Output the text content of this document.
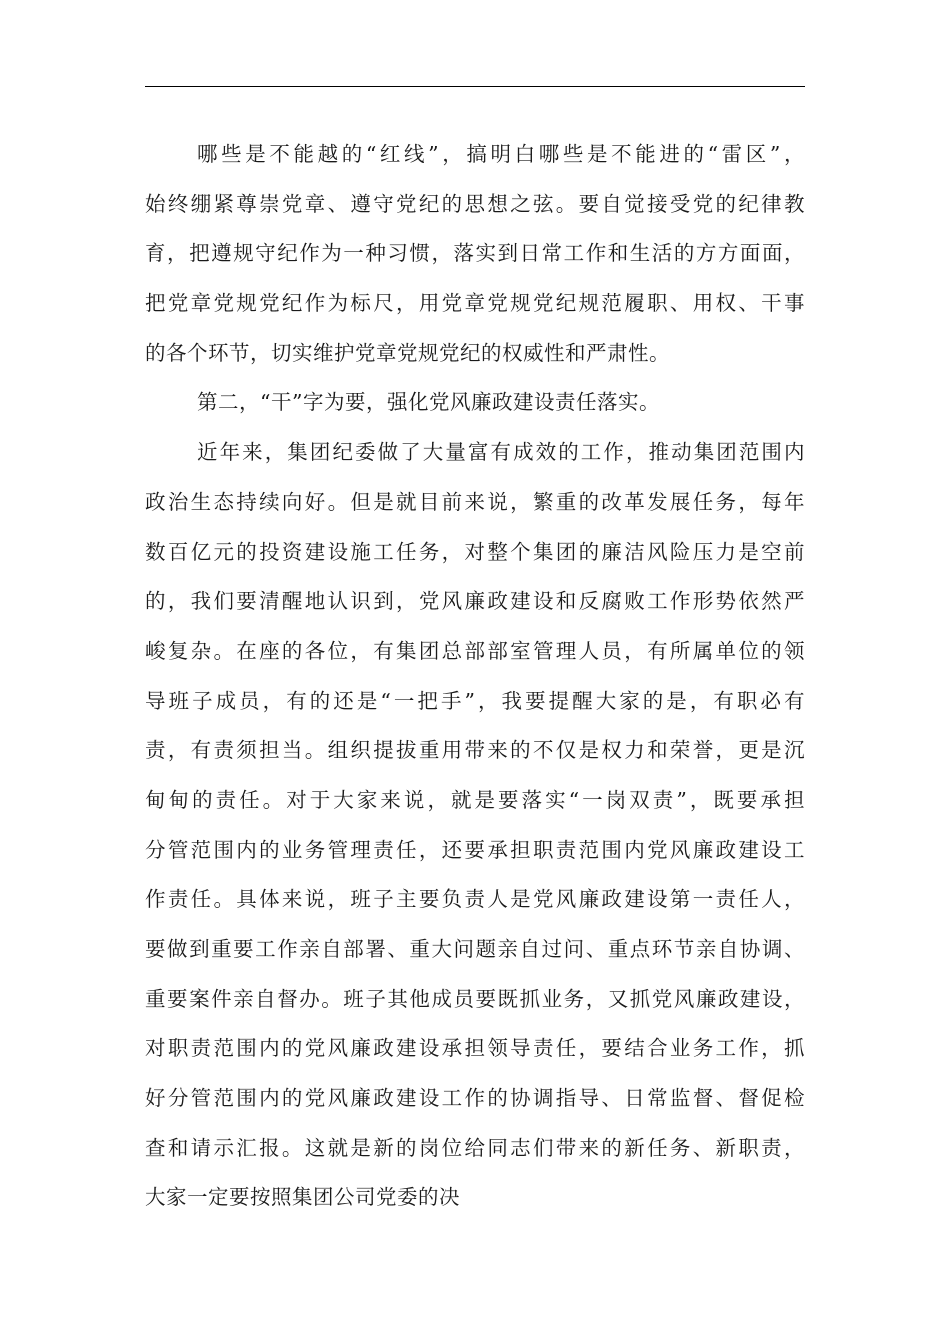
哪些是不能越的“红线”，搞明白哪些是不能进的“雷区”，
始终绷紧尊崇党章、遵守党纪的思想之弦。要自觉接受党的纪律教
育，把遵规守纪作为一种习惯，落实到日常工作和生活的方方面面，
把党章党规党纪作为标尺，用党章党规党纪规范履职、用权、干事
的各个环节，切实维护党章党规党纪的权威性和严肃性。
第二，“干”字为要，强化党风廉政建设责任落实。
近年来，集团纪委做了大量富有成效的工作，推动集团范围内
政治生态持续向好。但是就目前来说，繁重的改革发展任务，每年
数百亿元的投资建设施工任务，对整个集团的廉洁风险压力是空前
的，我们要清醒地认识到，党风廉政建设和反腐败工作形势依然严
峻复杂。在座的各位，有集团总部部室管理人员，有所属单位的领
导班子成员，有的还是“一把手”，我要提醒大家的是，有职必有
责，有责须担当。组织提拔重用带来的不仅是权力和荣誉，更是沉
甸甸的责任。对于大家来说，就是要落实“一岗双责”，既要承担
分管范围内的业务管理责任，还要承担职责范围内党风廉政建设工
作责任。具体来说，班子主要负责人是党风廉政建设第一责任人，
要做到重要工作亲自部署、重大问题亲自过问、重点环节亲自协调、
重要案件亲自督办。班子其他成员要既抓业务，又抓党风廉政建设，
对职责范围内的党风廉政建设承担领导责任，要结合业务工作，抓
好分管范围内的党风廉政建设工作的协调指导、日常监督、督促检
查和请示汇报。这就是新的岗位给同志们带来的新任务、新职责，
大家一定要按照集团公司党委的决
